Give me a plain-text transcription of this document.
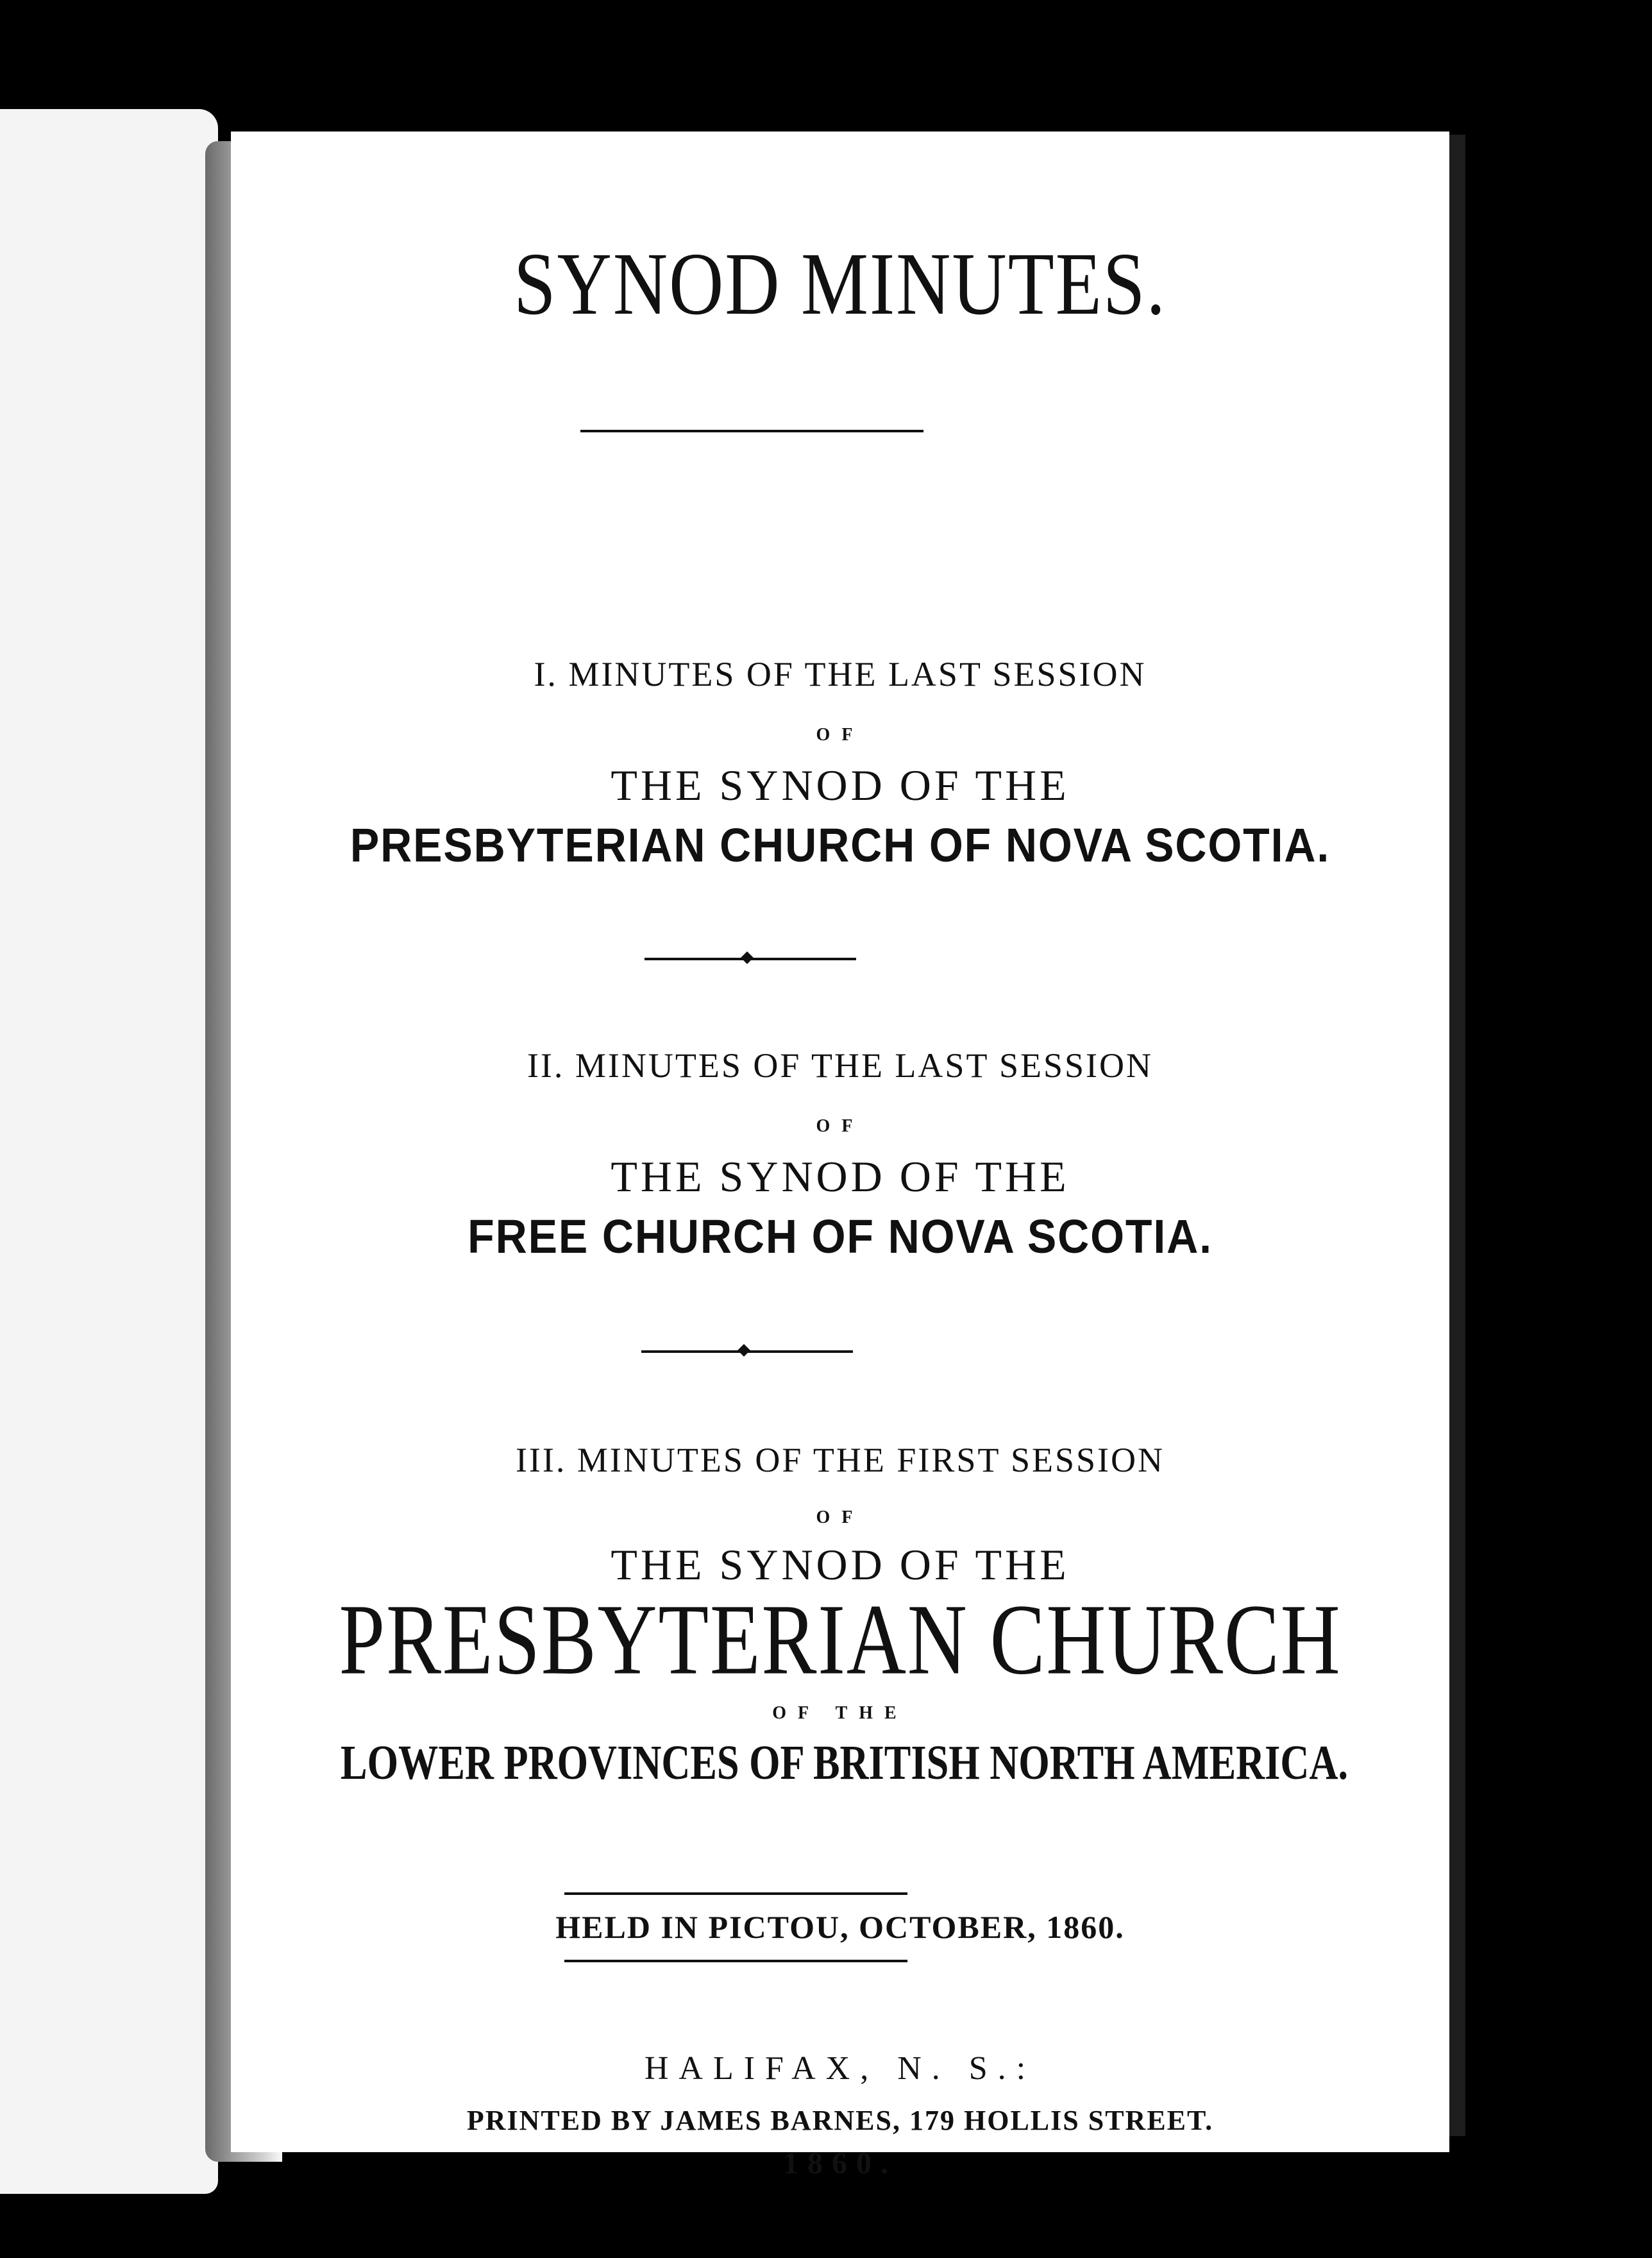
SYNOD MINUTES.
I. MINUTES OF THE LAST SESSION
OF
THE SYNOD OF THE
PRESBYTERIAN CHURCH OF NOVA SCOTIA.
II. MINUTES OF THE LAST SESSION
OF
THE SYNOD OF THE
FREE CHURCH OF NOVA SCOTIA.
III. MINUTES OF THE FIRST SESSION
OF
THE SYNOD OF THE
PRESBYTERIAN CHURCH
OF THE
LOWER PROVINCES OF BRITISH NORTH AMERICA.
HELD IN PICTOU, OCTOBER, 1860.
HALIFAX, N. S.:
PRINTED BY JAMES BARNES, 179 HOLLIS STREET.
1860.
